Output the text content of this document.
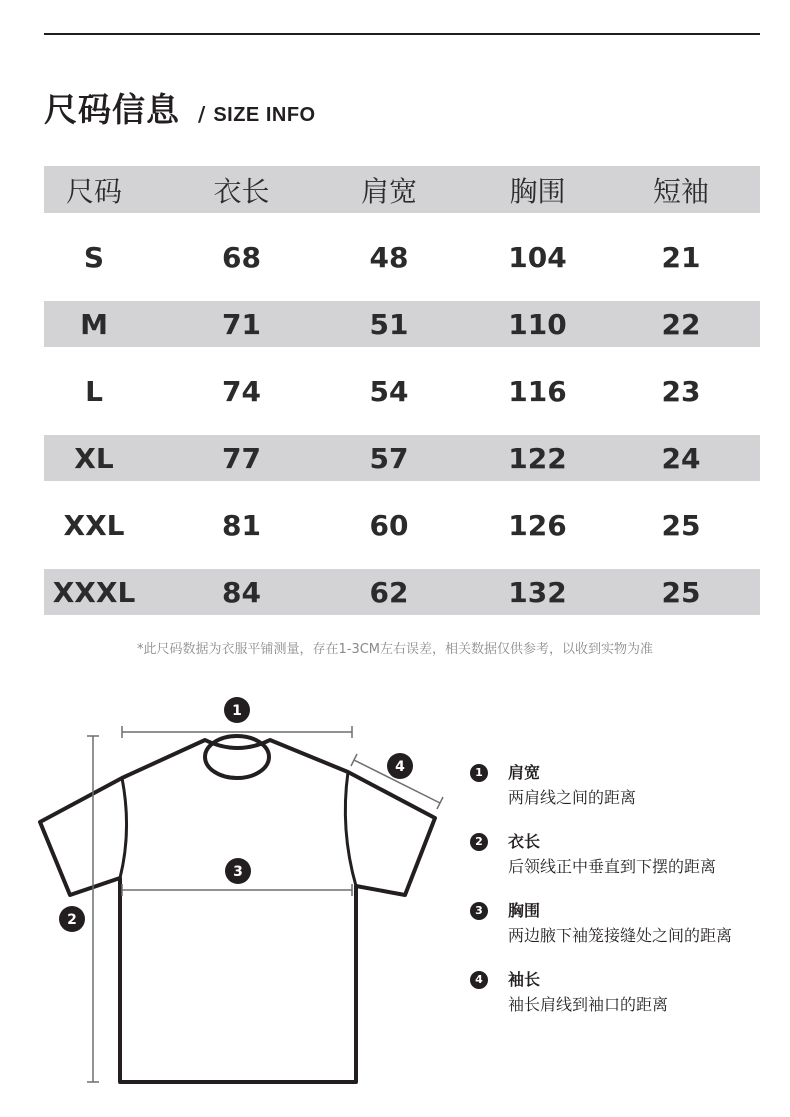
尺码信息 / SIZE INFO
尺码	衣长	肩宽	胸围	短袖
S	68	48	104	21
M	71	51	110	22
L	74	54	116	23
XL	77	57	122	24
XXL	81	60	126	25
XXXL	84	62	132	25
*此尺码数据为衣服平铺测量，存在1-3CM左右误差，相关数据仅供参考，以收到实物为准
1
2
3
4	1	肩宽
两肩线之间的距离
2	衣长
后领线正中垂直到下摆的距离
3	胸围
两边腋下袖笼接缝处之间的距离
4	袖长
袖长肩线到袖口的距离
